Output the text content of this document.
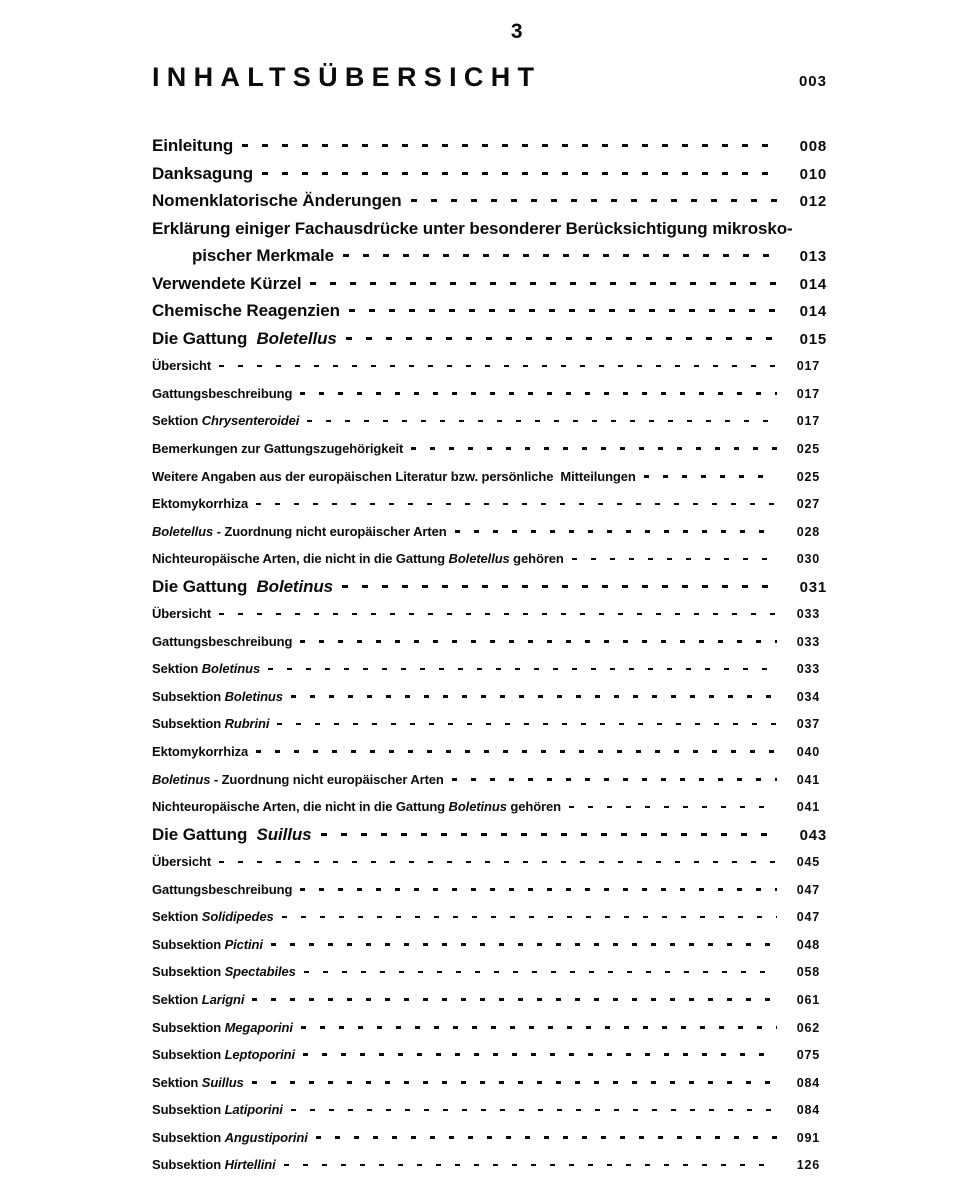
3
INHALTSÜBERSICHT	003
Einleitung	008
Danksagung	010
Nomenklatorische Änderungen	012
Erklärung einiger Fachausdrücke unter besonderer Berücksichtigung mikrosko-
pischer Merkmale	013
Verwendete Kürzel	014
Chemische Reagenzien	014
Die Gattung  Boletellus	015
Übersicht	017
Gattungsbeschreibung	017
Sektion Chrysenteroidei	017
Bemerkungen zur Gattungszugehörigkeit	025
Weitere Angaben aus der europäischen Literatur bzw. persönliche  Mitteilungen	025
Ektomykorrhiza	027
Boletellus - Zuordnung nicht europäischer Arten	028
Nichteuropäische Arten, die nicht in die Gattung Boletellus gehören	030
Die Gattung  Boletinus	031
Übersicht	033
Gattungsbeschreibung	033
Sektion Boletinus	033
Subsektion Boletinus	034
Subsektion Rubrini	037
Ektomykorrhiza	040
Boletinus - Zuordnung nicht europäischer Arten	041
Nichteuropäische Arten, die nicht in die Gattung Boletinus gehören	041
Die Gattung  Suillus	043
Übersicht	045
Gattungsbeschreibung	047
Sektion Solidipedes	047
Subsektion Pictini	048
Subsektion Spectabiles	058
Sektion Larigni	061
Subsektion Megaporini	062
Subsektion Leptoporini	075
Sektion Suillus	084
Subsektion Latiporini	084
Subsektion Angustiporini	091
Subsektion Hirtellini	126
